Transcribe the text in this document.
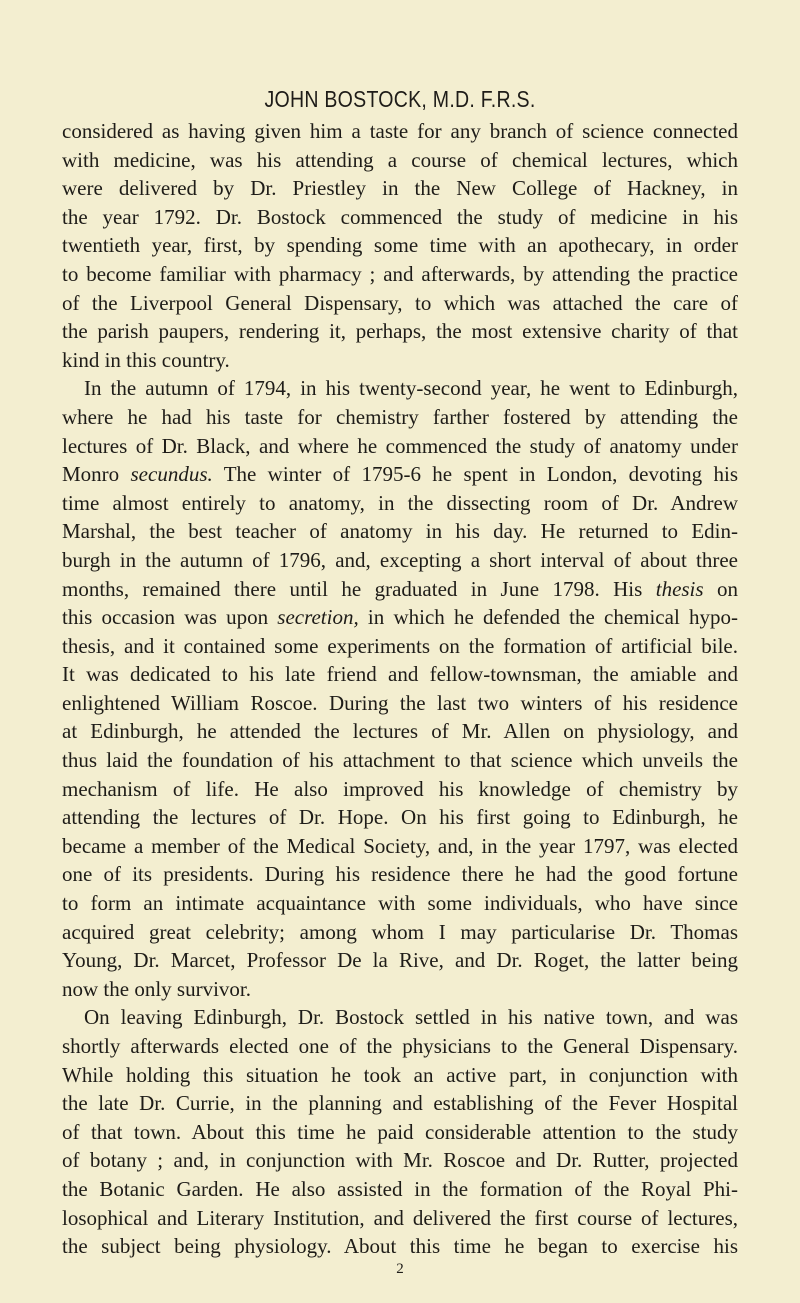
JOHN BOSTOCK, M.D. F.R.S.
considered as having given him a taste for any branch of science connected
with medicine, was his attending a course of chemical lectures, which
were delivered by Dr. Priestley in the New College of Hackney, in
the year 1792. Dr. Bostock commenced the study of medicine in his
twentieth year, first, by spending some time with an apothecary, in order
to become familiar with pharmacy ; and afterwards, by attending the practice
of the Liverpool General Dispensary, to which was attached the care of
the parish paupers, rendering it, perhaps, the most extensive charity of that
kind in this country.
In the autumn of 1794, in his twenty-second year, he went to Edinburgh,
where he had his taste for chemistry farther fostered by attending the
lectures of Dr. Black, and where he commenced the study of anatomy under
Monro secundus. The winter of 1795-6 he spent in London, devoting his
time almost entirely to anatomy, in the dissecting room of Dr. Andrew
Marshal, the best teacher of anatomy in his day. He returned to Edin-
burgh in the autumn of 1796, and, excepting a short interval of about three
months, remained there until he graduated in June 1798. His thesis on
this occasion was upon secretion, in which he defended the chemical hypo-
thesis, and it contained some experiments on the formation of artificial bile.
It was dedicated to his late friend and fellow-townsman, the amiable and
enlightened William Roscoe. During the last two winters of his residence
at Edinburgh, he attended the lectures of Mr. Allen on physiology, and
thus laid the foundation of his attachment to that science which unveils the
mechanism of life. He also improved his knowledge of chemistry by
attending the lectures of Dr. Hope. On his first going to Edinburgh, he
became a member of the Medical Society, and, in the year 1797, was elected
one of its presidents. During his residence there he had the good fortune
to form an intimate acquaintance with some individuals, who have since
acquired great celebrity; among whom I may particularise Dr. Thomas
Young, Dr. Marcet, Professor De la Rive, and Dr. Roget, the latter being
now the only survivor.
On leaving Edinburgh, Dr. Bostock settled in his native town, and was
shortly afterwards elected one of the physicians to the General Dispensary.
While holding this situation he took an active part, in conjunction with
the late Dr. Currie, in the planning and establishing of the Fever Hospital
of that town. About this time he paid considerable attention to the study
of botany ; and, in conjunction with Mr. Roscoe and Dr. Rutter, projected
the Botanic Garden. He also assisted in the formation of the Royal Phi-
losophical and Literary Institution, and delivered the first course of lectures,
the subject being physiology. About this time he began to exercise his
2
